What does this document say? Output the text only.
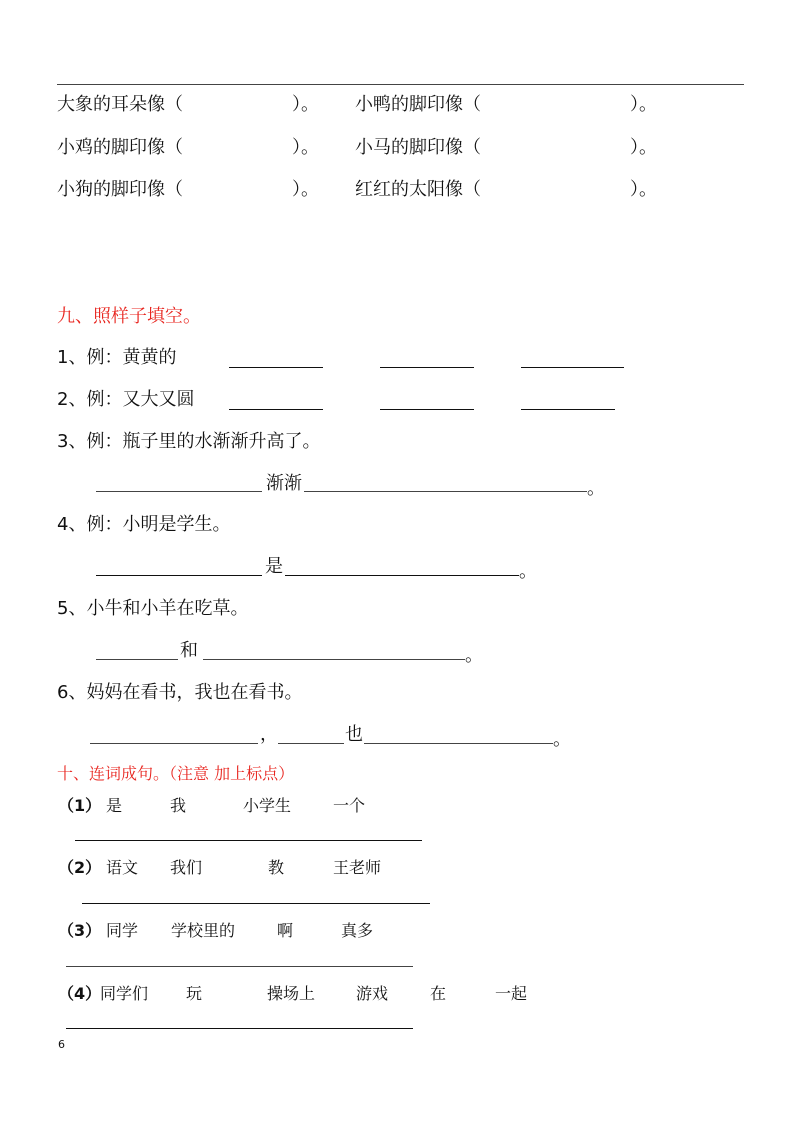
大象的耳朵像（	）。 小鸭的脚印像（	）。
小鸡的脚印像（	）。 小马的脚印像（	）。
小狗的脚印像（	）。 红红的太阳像（	）。
九、照样子填空。
1、例：黄黄的
2、例：又大又圆
3、例：瓶子里的水渐渐升高了。
渐渐	。
4、例：小明是学生。
是	。
5、小牛和小羊在吃草。
和	。
6、妈妈在看书，我也在看书。
，	也	。
十、连词成句。（注意 加上标点）
（1） 是	我	小学生	一个
（2） 语文 我们	教	王老师
（3） 同学 学校里的	啊	真多
（4）
同学们 玩	操场上	游戏	在	一起
6
